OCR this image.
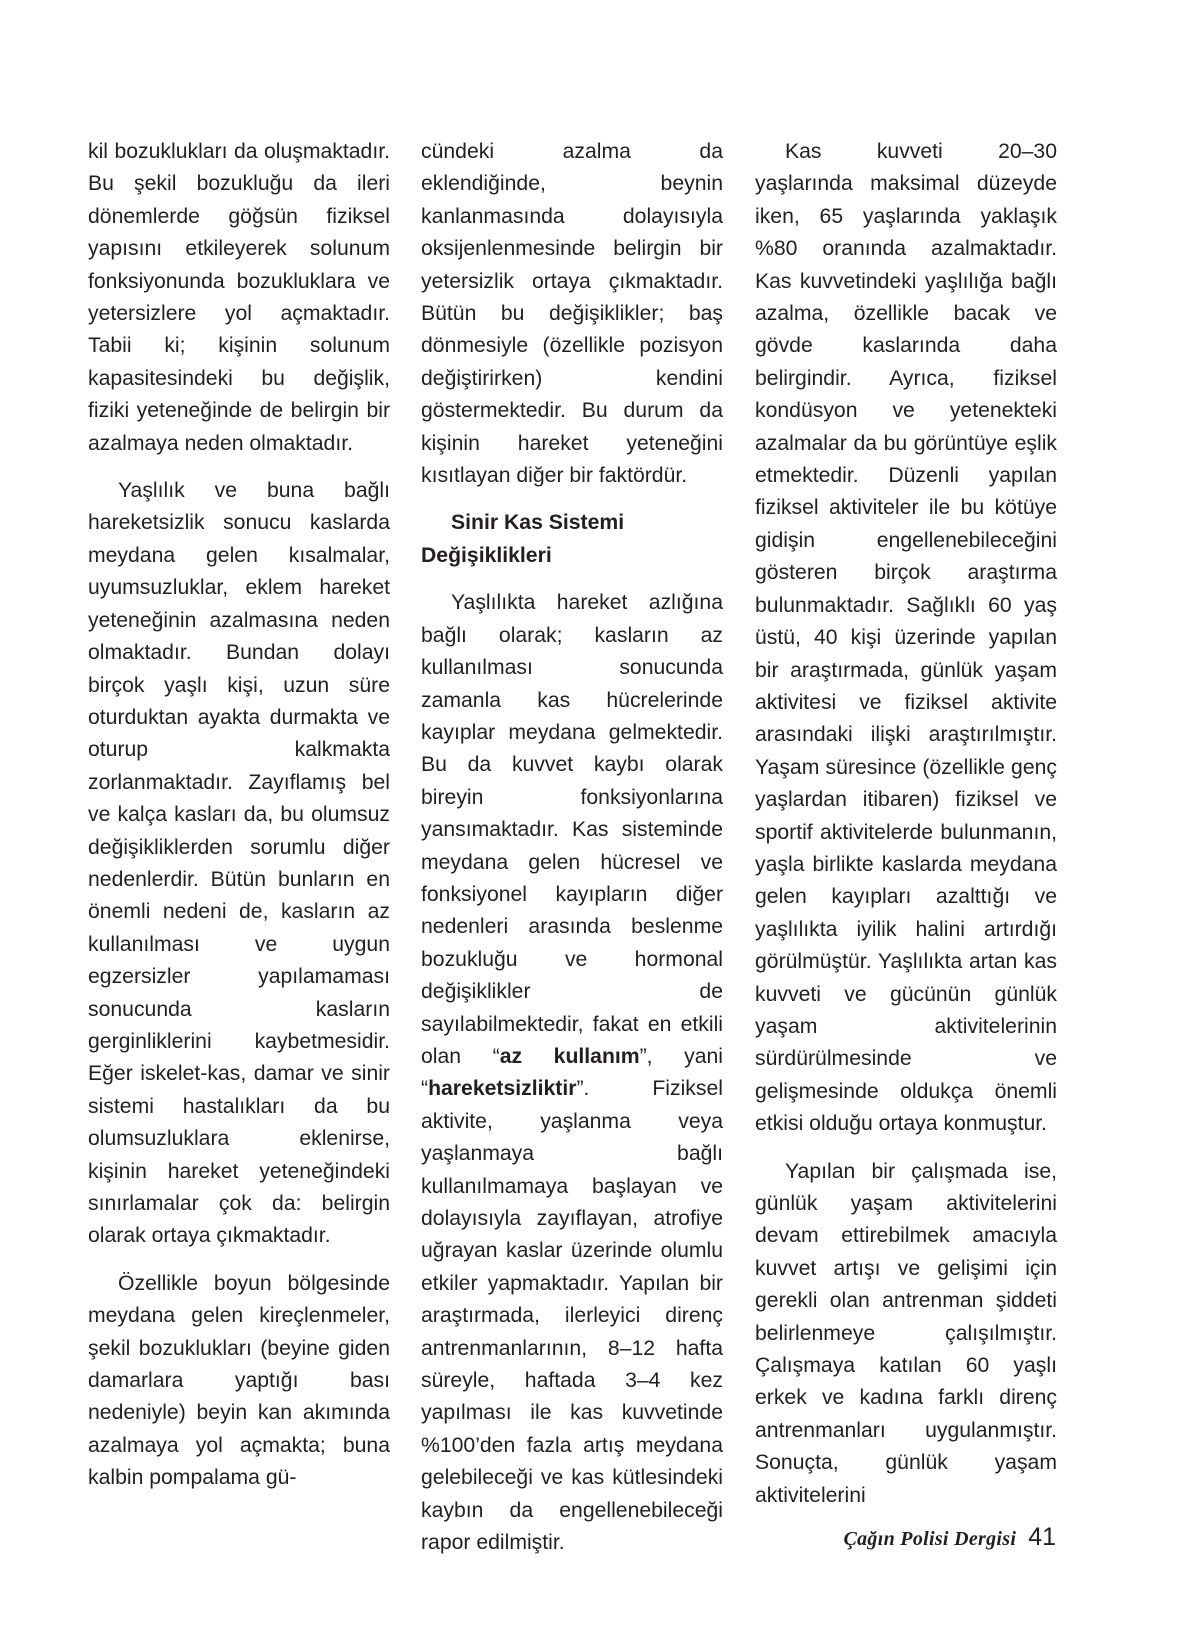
kil bozuklukları da oluşmaktadır. Bu şekil bozukluğu da ileri dönemlerde göğsün fiziksel yapısını etkileyerek solunum fonksiyonunda bozukluklara ve yetersizlere yol açmaktadır. Tabii ki; kişinin solunum kapasitesindeki bu değişlik, fiziki yeteneğinde de belirgin bir azalmaya neden olmaktadır.

Yaşlılık ve buna bağlı hareketsizlik sonucu kaslarda meydana gelen kısalmalar, uyumsuzluklar, eklem hareket yeteneğinin azalmasına neden olmaktadır. Bundan dolayı birçok yaşlı kişi, uzun süre oturduktan ayakta durmakta ve oturup kalkmakta zorlanmaktadır. Zayıflamış bel ve kalça kasları da, bu olumsuz değişikliklerden sorumlu diğer nedenlerdir. Bütün bunların en önemli nedeni de, kasların az kullanılması ve uygun egzersizler yapılamaması sonucunda kasların gerginliklerini kaybetmesidir. Eğer iskelet-kas, damar ve sinir sistemi hastalıkları da bu olumsuzluklara eklenirse, kişinin hareket yeteneğindeki sınırlamalar çok da: belirgin olarak ortaya çıkmaktadır.

Özellikle boyun bölgesinde meydana gelen kireçlenmeler, şekil bozuklukları (beyine giden damarlara yaptığı bası nedeniyle) beyin kan akımında azalmaya yol açmakta; buna kalbin pompalama gü-

cündeki azalma da eklendiğinde, beynin kanlanmasında dolayısıyla oksijenlenmesinde belirgin bir yetersizlik ortaya çıkmaktadır. Bütün bu değişiklikler; baş dönmesiyle (özellikle pozisyon değiştirirken) kendini göstermektedir. Bu durum da kişinin hareket yeteneğini kısıtlayan diğer bir faktördür.

Sinir Kas Sistemi
Değişiklikleri

Yaşlılıkta hareket azlığına bağlı olarak; kasların az kullanılması sonucunda zamanla kas hücrelerinde kayıplar meydana gelmektedir. Bu da kuvvet kaybı olarak bireyin fonksiyonlarına yansımaktadır. Kas sisteminde meydana gelen hücresel ve fonksiyonel kayıpların diğer nedenleri arasında beslenme bozukluğu ve hormonal değişiklikler de sayılabilmektedir, fakat en etkili olan “az kullanım”, yani “hareketsizliktir”. Fiziksel aktivite, yaşlanma veya yaşlanmaya bağlı kullanılmamaya başlayan ve dolayısıyla zayıflayan, atrofiye uğrayan kaslar üzerinde olumlu etkiler yapmaktadır. Yapılan bir araştırmada, ilerleyici direnç antrenmanlarının, 8–12 hafta süreyle, haftada 3–4 kez yapılması ile kas kuvvetinde %100’den fazla artış meydana gelebileceği ve kas kütlesindeki kaybın da engellenebileceği rapor edilmiştir.

Kas kuvveti 20–30 yaşlarında maksimal düzeyde iken, 65 yaşlarında yaklaşık %80 oranında azalmaktadır. Kas kuvvetindeki yaşlılığa bağlı azalma, özellikle bacak ve gövde kaslarında daha belirgindir. Ayrıca, fiziksel kondüsyon ve yetenekteki azalmalar da bu görüntüye eşlik etmektedir. Düzenli yapılan fiziksel aktiviteler ile bu kötüye gidişin engellenebileceğini gösteren birçok araştırma bulunmaktadır. Sağlıklı 60 yaş üstü, 40 kişi üzerinde yapılan bir araştırmada, günlük yaşam aktivitesi ve fiziksel aktivite arasındaki ilişki araştırılmıştır. Yaşam süresince (özellikle genç yaşlardan itibaren) fiziksel ve sportif aktivitelerde bulunmanın, yaşla birlikte kaslarda meydana gelen kayıpları azalttığı ve yaşlılıkta iyilik halini artırdığı görülmüştür. Yaşlılıkta artan kas kuvveti ve gücünün günlük yaşam aktivitelerinin sürdürülmesinde ve gelişmesinde oldukça önemli etkisi olduğu ortaya konmuştur.

Yapılan bir çalışmada ise, günlük yaşam aktivitelerini devam ettirebilmek amacıyla kuvvet artışı ve gelişimi için gerekli olan antrenman şiddeti belirlenmeye çalışılmıştır. Çalışmaya katılan 60 yaşlı erkek ve kadına farklı direnç antrenmanları uygulanmıştır. Sonuçta, günlük yaşam aktivitelerini

Çağın Polisi Dergisi 41
